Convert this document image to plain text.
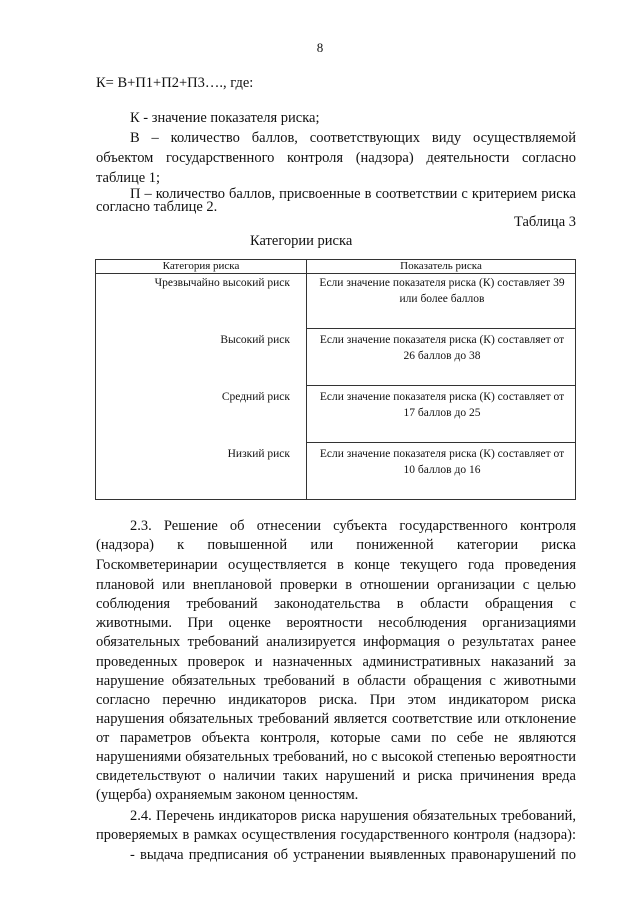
8
К= В+П1+П2+П3…., где:
К - значение показателя риска;
В – количество баллов, соответствующих виду осуществляемой
объектом государственного контроля (надзора) деятельности согласно
таблице 1;
П – количество баллов, присвоенные в соответствии с критерием риска
согласно таблице 2.
Таблица 3
Категории риска
Категория риска	Показатель риска
Чрезвычайно высокий риск	Если значение показателя риска (К) составляет 39
или более баллов
Высокий риск	Если значение показателя риска (К) составляет от
26 баллов до 38
Средний риск	Если значение показателя риска (К) составляет от
17 баллов до 25
Низкий риск	Если значение показателя риска (К) составляет от
10 баллов до 16
2.3. Решение об отнесении субъекта государственного контроля
(надзора) к повышенной или пониженной категории риска
Госкомветеринарии осуществляется в конце текущего года проведения
плановой или внеплановой проверки в отношении организации с целью
соблюдения требований законодательства в области обращения с
животными. При оценке вероятности несоблюдения организациями
обязательных требований анализируется информация о результатах ранее
проведенных проверок и назначенных административных наказаний за
нарушение обязательных требований в области обращения с животными
согласно перечню индикаторов риска. При этом индикатором риска
нарушения обязательных требований является соответствие или отклонение
от параметров объекта контроля, которые сами по себе не являются
нарушениями обязательных требований, но с высокой степенью вероятности
свидетельствуют о наличии таких нарушений и риска причинения вреда
(ущерба) охраняемым законом ценностям.
2.4. Перечень индикаторов риска нарушения обязательных требований,
проверяемых в рамках осуществления государственного контроля (надзора):
- выдача предписания об устранении выявленных правонарушений по
